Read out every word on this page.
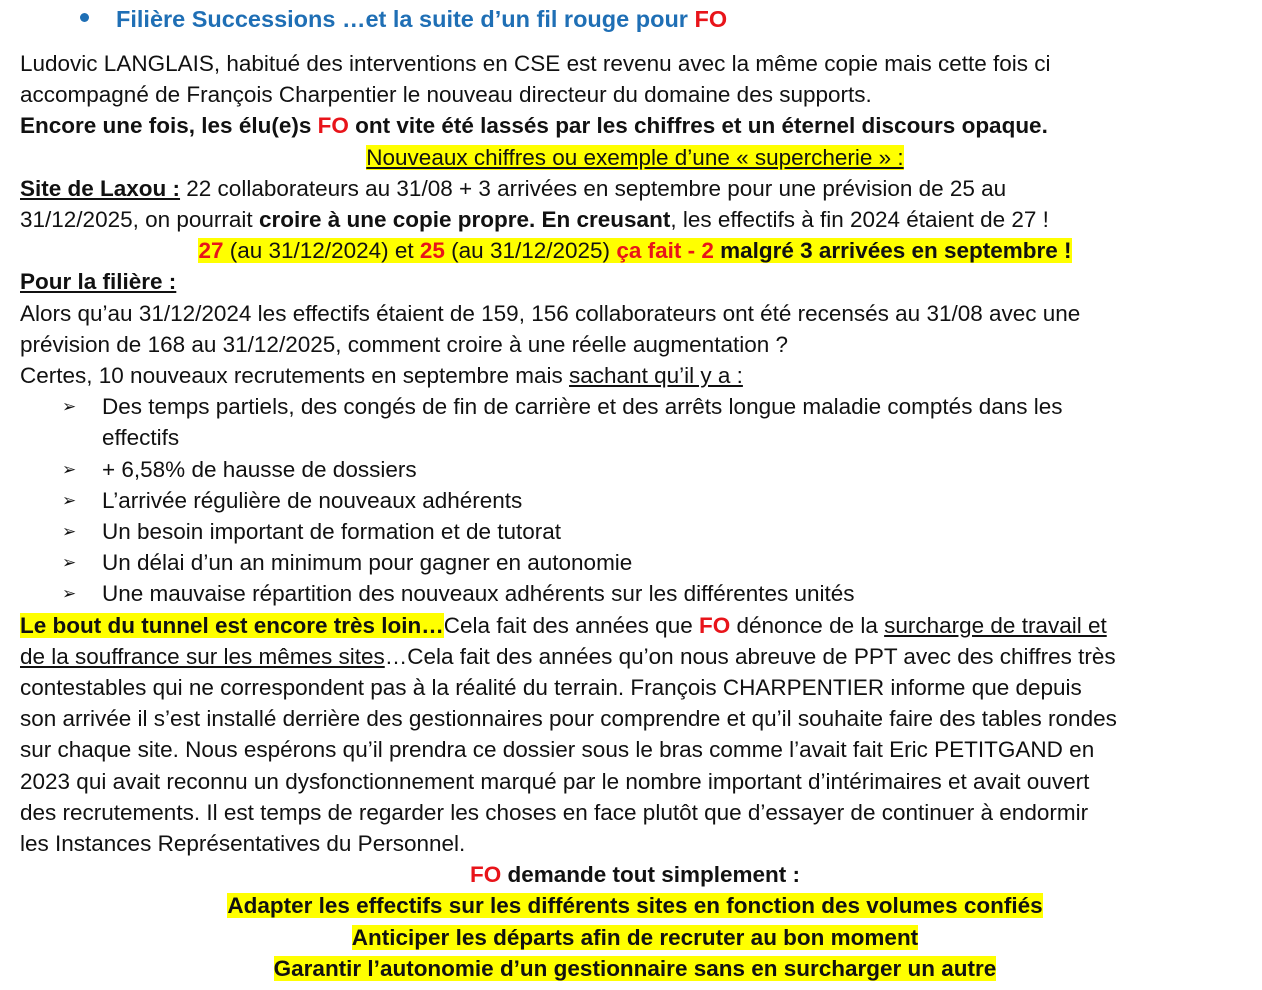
Filière Successions …et la suite d’un fil rouge pour FO

Ludovic LANGLAIS, habitué des interventions en CSE est revenu avec la même copie mais cette fois ci

accompagné de François Charpentier le nouveau directeur du domaine des supports.

Encore une fois, les élu(e)s FO ont vite été lassés par les chiffres et un éternel discours opaque.

Nouveaux chiffres ou exemple d’une « supercherie » :

Site de Laxou : 22 collaborateurs au 31/08 + 3 arrivées en septembre pour une prévision de 25 au

31/12/2025, on pourrait croire à une copie propre. En creusant, les effectifs à fin 2024 étaient de 27 !

27 (au 31/12/2024) et 25 (au 31/12/2025) ça fait - 2 malgré 3 arrivées en septembre !

Pour la filière :

Alors qu’au 31/12/2024 les effectifs étaient de 159, 156 collaborateurs ont été recensés au 31/08 avec une

prévision de 168 au 31/12/2025, comment croire à une réelle augmentation ?

Certes, 10 nouveaux recrutements en septembre mais sachant qu’il y a :

➢ Des temps partiels, des congés de fin de carrière et des arrêts longue maladie comptés dans les
effectifs
➢ + 6,58% de hausse de dossiers
➢ L’arrivée régulière de nouveaux adhérents
➢ Un besoin important de formation et de tutorat
➢ Un délai d’un an minimum pour gagner en autonomie
➢ Une mauvaise répartition des nouveaux adhérents sur les différentes unités

Le bout du tunnel est encore très loin…Cela fait des années que FO dénonce de la surcharge de travail et

de la souffrance sur les mêmes sites…Cela fait des années qu’on nous abreuve de PPT avec des chiffres très

contestables qui ne correspondent pas à la réalité du terrain. François CHARPENTIER informe que depuis

son arrivée il s’est installé derrière des gestionnaires pour comprendre et qu’il souhaite faire des tables rondes

sur chaque site. Nous espérons qu’il prendra ce dossier sous le bras comme l’avait fait Eric PETITGAND en

2023 qui avait reconnu un dysfonctionnement marqué par le nombre important d’intérimaires et avait ouvert

des recrutements. Il est temps de regarder les choses en face plutôt que d’essayer de continuer à endormir

les Instances Représentatives du Personnel.

FO demande tout simplement :

Adapter les effectifs sur les différents sites en fonction des volumes confiés

Anticiper les départs afin de recruter au bon moment

Garantir l’autonomie d’un gestionnaire sans en surcharger un autre
